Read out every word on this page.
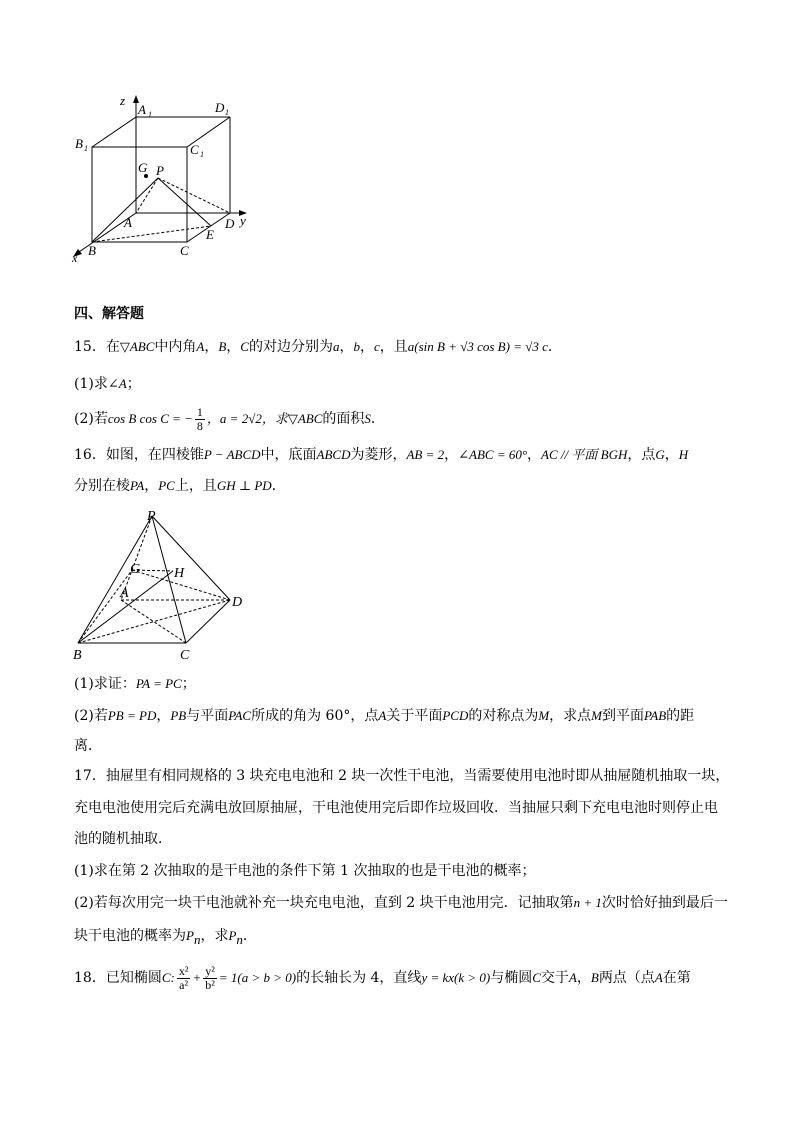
z
A 1	D 1
B 1	C 1
G P
A
B	C
D
E
x
y
四、解答题
15．在▽ABC中内角A，B，C的对边分别为a，b，c，且a(sin B + √3 cos B) = √3 c．
(1)求∠A；
(2)若cos B cos C = − $\frac{1}{8}$ ，a = 2√2，求▽ABC的面积S．
16．如图，在四棱锥P − ABCD中，底面ABCD为菱形，AB = 2，∠ABC = 60°，AC // 平面 BGH，点G，H
分别在棱PA，PC上，且GH ⊥ PD．
P
G H
A
D
B	C
(1)求证：PA = PC；
(2)若PB = PD，PB与平面PAC所成的角为 60°，点A关于平面PCD的对称点为M，求点M到平面PAB的距
离．
17．抽屉里有相同规格的 3 块充电电池和 2 块一次性干电池，当需要使用电池时即从抽屉随机抽取一块，
充电电池使用完后充满电放回原抽屉，干电池使用完后即作垃圾回收．当抽屉只剩下充电电池时则停止电
池的随机抽取．
(1)求在第 2 次抽取的是干电池的条件下第 1 次抽取的也是干电池的概率；
(2)若每次用完一块干电池就补充一块充电电池，直到 2 块干电池用完．记抽取第n + 1次时恰好抽到最后一
块干电池的概率为$P_n$，求$P_n$．
18．已知椭圆C: $\frac{\text{x²}}{\text{a²}} + \frac{\text{y²}}{\text{b²}} = 1(a > b > 0)$的长轴长为 4，直线y = kx(k > 0)与椭圆C交于A，B两点（点A在第
